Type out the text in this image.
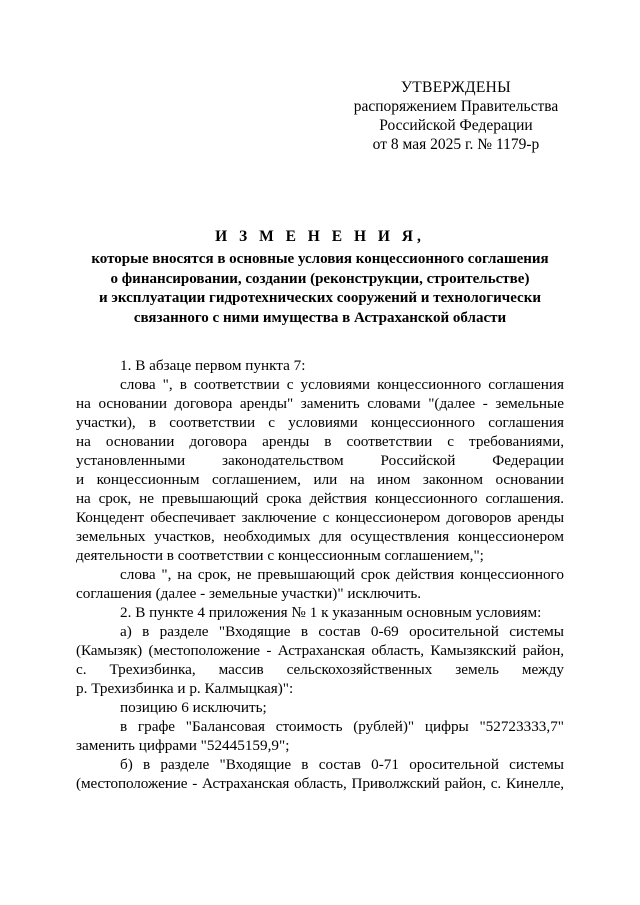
УТВЕРЖДЕНЫ
распоряжением Правительства
Российской Федерации
от 8 мая 2025 г. № 1179-р
И З М Е Н Е Н И Я,
которые вносятся в основные условия концессионного соглашения
о финансировании, создании (реконструкции, строительстве)
и эксплуатации гидротехнических сооружений и технологически
связанного с ними имущества в Астраханской области
1. В абзаце первом пункта 7:
слова ", в соответствии с условиями концессионного соглашения
на основании договора аренды" заменить словами "(далее - земельные
участки), в соответствии с условиями концессионного соглашения
на основании договора аренды в соответствии с требованиями,
установленными законодательством Российской Федерации
и концессионным соглашением, или на ином законном основании
на срок, не превышающий срока действия концессионного соглашения.
Концедент обеспечивает заключение с концессионером договоров аренды
земельных участков, необходимых для осуществления концессионером
деятельности в соответствии с концессионным соглашением,";
слова ", на срок, не превышающий срок действия концессионного
соглашения (далее - земельные участки)" исключить.
2. В пункте 4 приложения № 1 к указанным основным условиям:
а) в разделе "Входящие в состав 0-69 оросительной системы
(Камызяк) (местоположение - Астраханская область, Камызякский район,
с. Трехизбинка, массив сельскохозяйственных земель между
р. Трехизбинка и р. Калмыцкая)":
позицию 6 исключить;
в графе "Балансовая стоимость (рублей)" цифры "52723333,7"
заменить цифрами "52445159,9";
б) в разделе "Входящие в состав 0-71 оросительной системы
(местоположение - Астраханская область, Приволжский район, с. Кинелле,
